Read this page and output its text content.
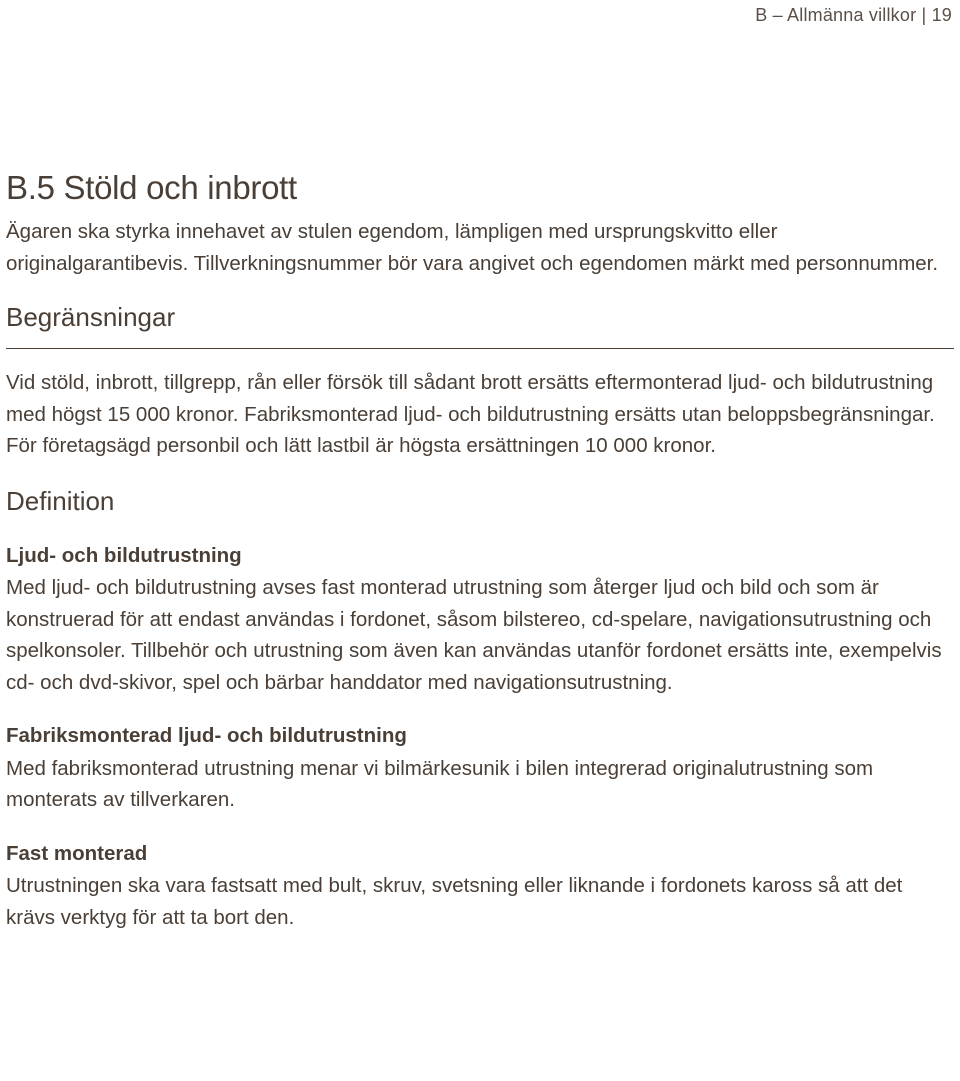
B – Allmänna villkor | 19
B.5 Stöld och inbrott

Ägaren ska styrka innehavet av stulen egendom, lämpligen med ursprungskvitto eller originalgarantibevis. Tillverkningsnummer bör vara angivet och egendomen märkt med personnummer.

Begränsningar

Vid stöld, inbrott, tillgrepp, rån eller försök till sådant brott ersätts eftermonterad ljud- och bildutrustning med högst 15 000 kronor. Fabriksmonterad ljud- och bildutrustning ersätts utan beloppsbegränsningar. För företagsägd personbil och lätt lastbil är högsta ersättningen 10 000 kronor.

Definition
Ljud- och bildutrustning

Med ljud- och bildutrustning avses fast monterad utrustning som återger ljud och bild och som är konstruerad för att endast användas i fordonet, såsom bilstereo, cd-spelare, navigationsutrustning och spelkonsoler. Tillbehör och utrustning som även kan användas utanför fordonet ersätts inte, exempelvis cd- och dvd-skivor, spel och bärbar handdator med navigationsutrustning.

Fabriksmonterad ljud- och bildutrustning

Med fabriksmonterad utrustning menar vi bilmärkesunik i bilen integrerad originalutrustning som monterats av tillverkaren.

Fast monterad

Utrustningen ska vara fastsatt med bult, skruv, svetsning eller liknande i fordonets kaross så att det krävs verktyg för att ta bort den.
